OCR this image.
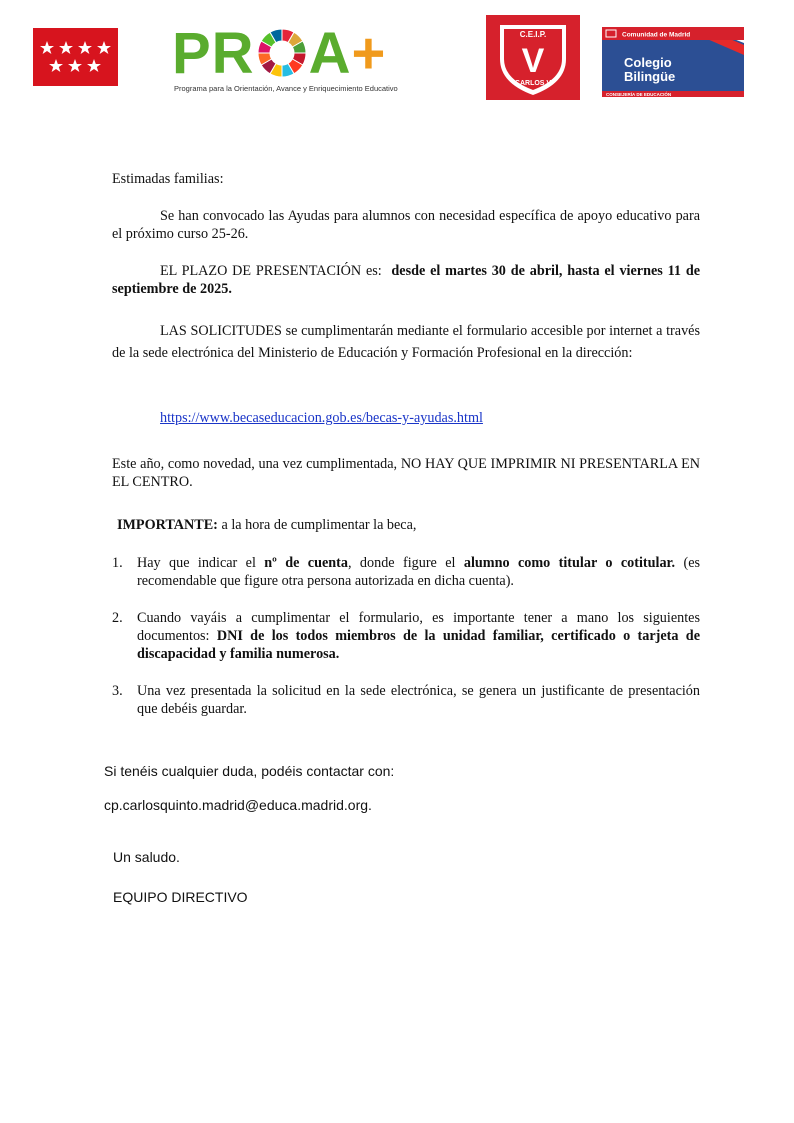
PR A+
Programa para la Orientación, Avance y Enriquecimiento Educativo
C.E.I.P.
V
CARLOS V
Comunidad de Madrid
Colegio
Bilingüe
CONSEJERÍA DE EDUCACIÓN
Estimadas familias:
Se han convocado las Ayudas para alumnos con necesidad específica de apoyo educativo para el próximo curso 25-26.
EL PLAZO DE PRESENTACIÓN es: desde el martes 30 de abril, hasta el viernes 11 de septiembre de 2025.
LAS SOLICITUDES se cumplimentarán mediante el formulario accesible por internet a través de la sede electrónica del Ministerio de Educación y Formación Profesional en la dirección:
https://www.becaseducacion.gob.es/becas-y-ayudas.html
Este año, como novedad, una vez cumplimentada, NO HAY QUE IMPRIMIR NI PRESENTARLA EN EL CENTRO.
IMPORTANTE: a la hora de cumplimentar la beca,
1. Hay que indicar el nº de cuenta, donde figure el alumno como titular o cotitular. (es recomendable que figure otra persona autorizada en dicha cuenta).
2. Cuando vayáis a cumplimentar el formulario, es importante tener a mano los siguientes documentos: DNI de los todos miembros de la unidad familiar, certificado o tarjeta de discapacidad y familia numerosa.
3. Una vez presentada la solicitud en la sede electrónica, se genera un justificante de presentación que debéis guardar.
Si tenéis cualquier duda, podéis contactar con:
cp.carlosquinto.madrid@educa.madrid.org.
Un saludo.
EQUIPO DIRECTIVO
